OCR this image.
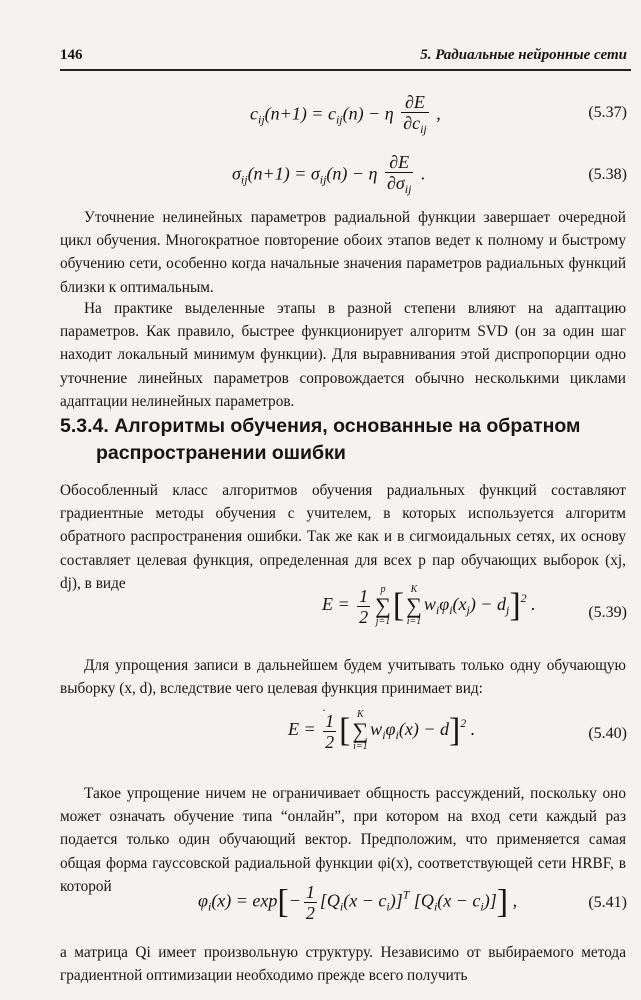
146	5. Радиальные нейронные сети
$c_{ij}(n+1) = c_{ij}(n) - \eta \frac{\partial E}{\partial c_{ij}}$ ,	(5.37)
$\sigma_{ij}(n+1) = \sigma_{ij}(n) - \eta \frac{\partial E}{\partial\sigma_{ij}}$ .	(5.38)
Уточнение нелинейных параметров радиальной функции завершает очередной цикл обучения. Многократное повторение обоих этапов ведет к полному и быстрому обучению сети, особенно когда начальные значения параметров радиальных функций близки к оптимальным.
На практике выделенные этапы в разной степени влияют на адаптацию параметров. Как правило, быстрее функционирует алгоритм SVD (он за один шаг находит локальный минимум функции). Для выравнивания этой диспропорции одно уточнение линейных параметров сопровождается обычно несколькими циклами адаптации нелинейных параметров.
5.3.4. Алгоритмы обучения, основанные на обратном
распространении ошибки
Обособленный класс алгоритмов обучения радиальных функций составляют градиентные методы обучения с учителем, в которых используется алгоритм обратного распространения ошибки. Так же как и в сигмоидальных сетях, их основу составляет целевая функция, определенная для всех p пар обучающих выборок (xj, dj), в виде
$E = \frac{1}{2}$	p
∑
j=1 [ K
∑
i=1
$w_i\varphi_i(x_j) - d_j]^2$ .	(5.39)
Для упрощения записи в дальнейшем будем учитывать только одну обучающую выборку (x, d), вследствие чего целевая функция принимает вид:
·
$E = \frac{1}{2}$ [ K
∑
i=1
$w_i\varphi_i(x) - d]^2$ .	(5.40)
Такое упрощение ничем не ограничивает общность рассуждений, поскольку оно может означать обучение типа “онлайн”, при котором на вход сети каждый раз подается только один обучающий вектор. Предположим, что применяется самая общая форма гауссовской радиальной функции φi(x), соответствующей сети HRBF, в которой
$\varphi_i(x) = \exp[- \frac{1}{2} [Q_i(x - c_i)]^T$ $[Q_i(x - c_i)]$] ,	(5.41)
а матрица Qi имеет произвольную структуру. Независимо от выбираемого метода градиентной оптимизации необходимо прежде всего получить
